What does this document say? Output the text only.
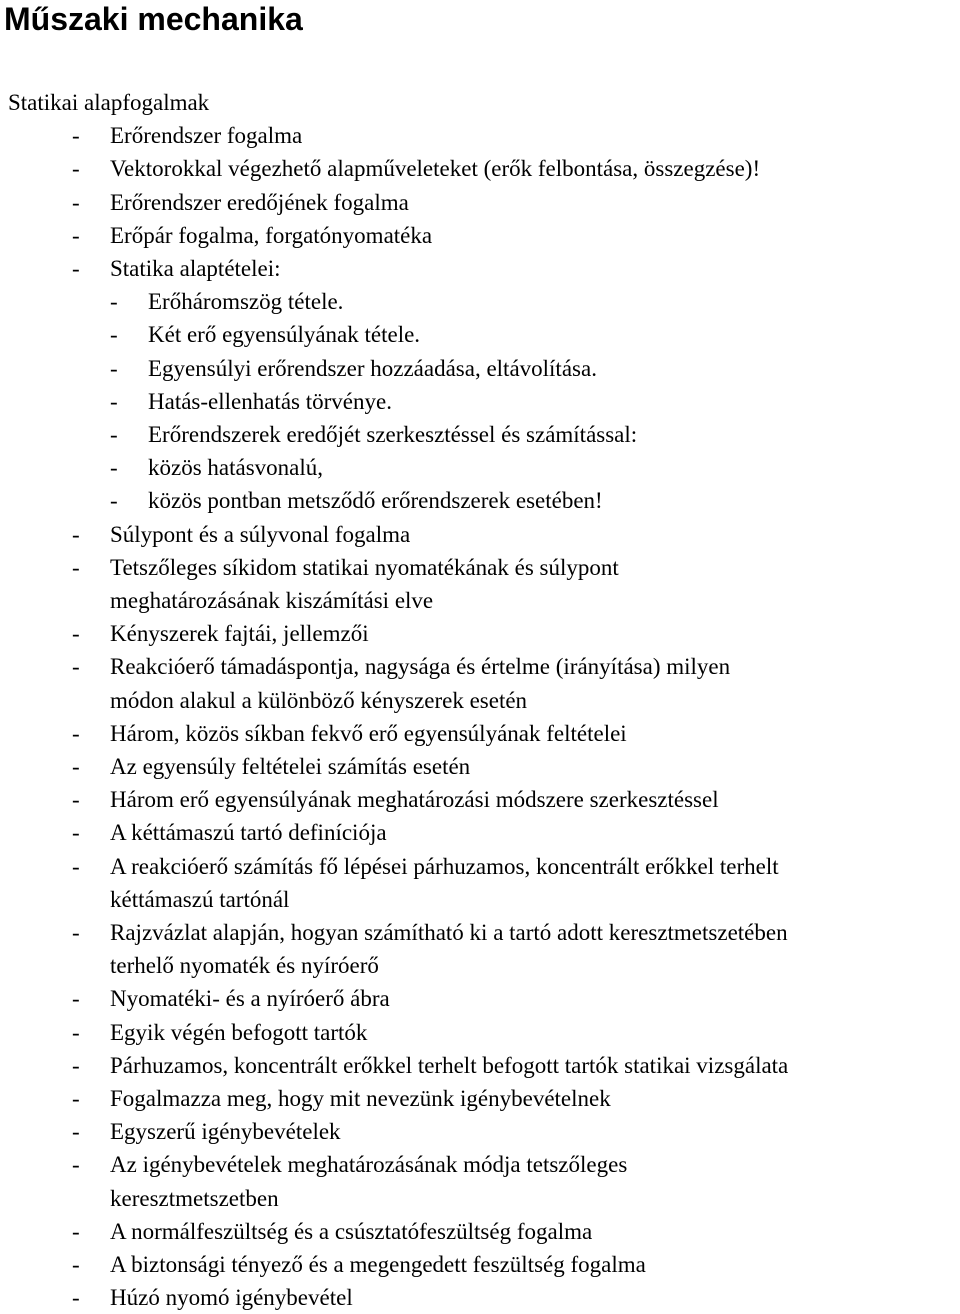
Műszaki mechanika
Statikai alapfogalmak
- Erőrendszer fogalma
- Vektorokkal végezhető alapműveleteket (erők felbontása, összegzése)!
- Erőrendszer eredőjének fogalma
- Erőpár fogalma, forgatónyomatéka
- Statika alaptételei:
- Erőháromszög tétele.
- Két erő egyensúlyának tétele.
- Egyensúlyi erőrendszer hozzáadása, eltávolítása.
- Hatás-ellenhatás törvénye.
- Erőrendszerek eredőjét szerkesztéssel és számítással:
- közös hatásvonalú,
- közös pontban metsződő erőrendszerek esetében!
- Súlypont és a súlyvonal fogalma
- Tetszőleges síkidom statikai nyomatékának és súlypont
meghatározásának kiszámítási elve
- Kényszerek fajtái, jellemzői
- Reakcióerő támadáspontja, nagysága és értelme (irányítása) milyen
módon alakul a különböző kényszerek esetén
- Három, közös síkban fekvő erő egyensúlyának feltételei
- Az egyensúly feltételei számítás esetén
- Három erő egyensúlyának meghatározási módszere szerkesztéssel
- A kéttámaszú tartó definíciója
- A reakcióerő számítás fő lépései párhuzamos, koncentrált erőkkel terhelt
kéttámaszú tartónál
- Rajzvázlat alapján, hogyan számítható ki a tartó adott keresztmetszetében
terhelő nyomaték és nyíróerő
- Nyomatéki- és a nyíróerő ábra
- Egyik végén befogott tartók
- Párhuzamos, koncentrált erőkkel terhelt befogott tartók statikai vizsgálata
- Fogalmazza meg, hogy mit nevezünk igénybevételnek
- Egyszerű igénybevételek
- Az igénybevételek meghatározásának módja tetszőleges
keresztmetszetben
- A normálfeszültség és a csúsztatófeszültség fogalma
- A biztonsági tényező és a megengedett feszültség fogalma
- Húzó nyomó igénybevétel
